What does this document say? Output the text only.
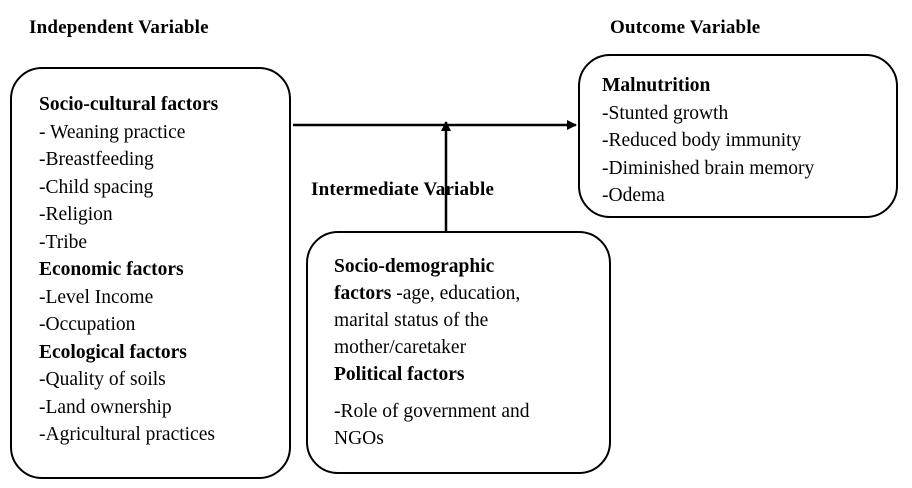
Independent Variable	Outcome Variable
Intermediate Variable
Socio-cultural factors
- Weaning practice
-Breastfeeding
-Child spacing
-Religion
-Tribe
Economic factors
-Level Income
-Occupation
Ecological factors
-Quality of soils
-Land ownership
-Agricultural practices
Malnutrition
-Stunted growth
-Reduced body immunity
-Diminished brain memory
-Odema
Socio-demographic
factors -age, education,
marital status of the
mother/caretaker
Political factors
-Role of government and
NGOs
